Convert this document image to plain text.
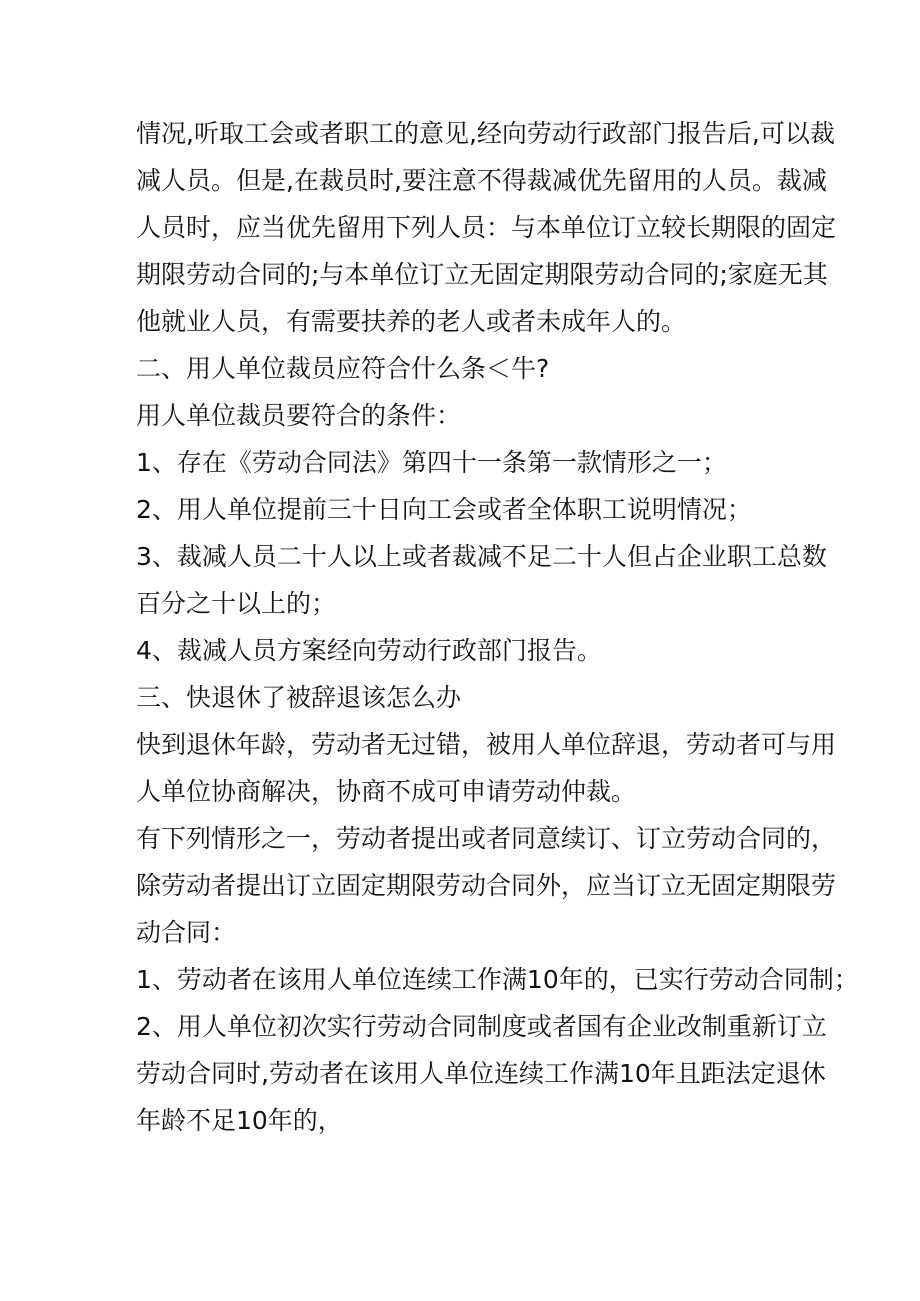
情况,听取工会或者职工的意见,经向劳动行政部门报告后,可以裁
减人员。但是,在裁员时,要注意不得裁减优先留用的人员。裁减
人员时，应当优先留用下列人员：与本单位订立较长期限的固定
期限劳动合同的;与本单位订立无固定期限劳动合同的;家庭无其
他就业人员，有需要扶养的老人或者未成年人的。
二、用人单位裁员应符合什么条＜牛?
用人单位裁员要符合的条件：
1、存在《劳动合同法》第四十一条第一款情形之一；
2、用人单位提前三十日向工会或者全体职工说明情况；
3、裁减人员二十人以上或者裁减不足二十人但占企业职工总数
百分之十以上的；
4、裁减人员方案经向劳动行政部门报告。
三、快退休了被辞退该怎么办
快到退休年龄，劳动者无过错，被用人单位辞退，劳动者可与用
人单位协商解决，协商不成可申请劳动仲裁。
有下列情形之一，劳动者提出或者同意续订、订立劳动合同的，
除劳动者提出订立固定期限劳动合同外，应当订立无固定期限劳
动合同：
1、劳动者在该用人单位连续工作满10年的，已实行劳动合同制；
2、用人单位初次实行劳动合同制度或者国有企业改制重新订立
劳动合同时,劳动者在该用人单位连续工作满10年且距法定退休
年龄不足10年的，
